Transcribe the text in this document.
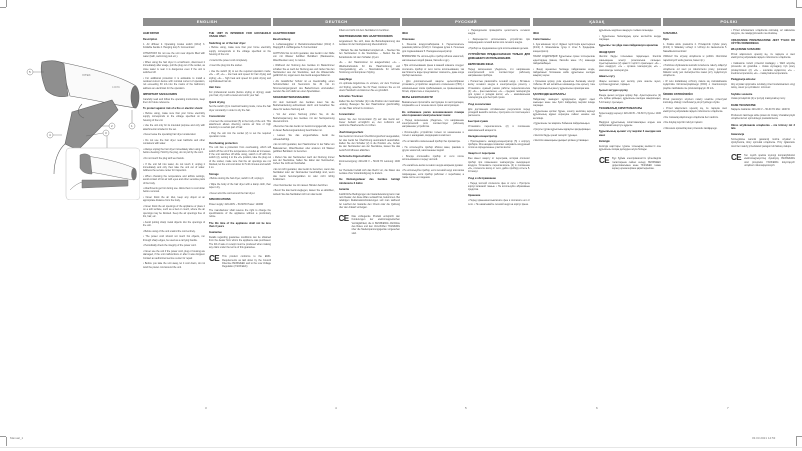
VITEK
1400W
5
1
2
3
4
ENGLISH
HAIR DRYER
Description

1. Air diffuser 2. Operating modes switch (0/1/2) 3. Foldable handle 4. Hanging loop 5. Concentrator

ATTENTION! Do not use the unit near objects filled with water (bath, swimming pool etc.).

• When using the hair dryer in a bathroom, disconnect it immediately after usage, pull the plug out of the socket, as close water is near it is dangerous even if the unit is switched off.

• For additional protection it is advisable to install a residual current device with nominal current of operation, not exceeding 30 mA into the mains of the bathroom; address an electrician for the operation.

IMPORTANT SAFEGUARDS

Carefully read and follow the operating instructions, keep them for future reference.

To protect against risk of a fire or electric shock:

• Before using, make sure that your home electricity supply corresponds to the voltage specified on the housing of the unit.

• Use the unit only for its intended purpose and only with attachments included in the set.

• Never leave the operating hair dryer unattended.

• Do not use the hair dryer near bathtubs and other containers with water.

• Always unplug the hair dryer immediately after using it or before cleaning. Hold by the plug, do not pull by the cord.

• Do not touch the plug with wet hands.

• If the unit fell into water, do not touch it; unplug it immediately and only then take the unit out of water. Address the service center for inspection.

• When choosing the temperature and airflow settings, avoid contact of hot air with eyes and other sensitive parts of the body.

• Attachments get hot during use. Allow them to cool down before removal.

• Never block the air inlet, keep any object at an appropriate distance from the body.

• Never block the air openings of the appliance or place it on a soft surface, such as a bed or couch, where the air openings may be blocked. Keep the air openings free of lint, hair, etc.

• Avoid putting sharp metal objects into the openings of the unit.

• Before using of the unit unwind the cord entirely.

• The power cord should not touch hot objects, run through sharp edges, be used as a carrying handle.

• Periodically check the integrity of the power cord.

• Never use the unit if the power cord, plug or housing are damaged, if the unit malfunctions or after it was dropped. Contact an authorized service center for repair.

• Before you take the unit away, let it cool down, do not wind the power cord around the unit.

THE UNIT IS INTENDED FOR HOUSEHOLD USAGE ONLY.
Switching on of the hair dryer

• Before using, make sure that your home electricity supply corresponds to the voltage specified on the housing of the unit.

• Unwind the power cord completely.

• Insert the plug into the socket.

• Use the switch (2) to set the required operation mode: «0» – off; «1» – low heat and speed for hair drying and styling; «2» – high heat and speed for quick drying and sophisticated hair do.

Hair Care

For professional results (before styling or drying), wash your hair, dry it with a towel and comb your hair.

Quick drying

Set the switch (2) to maximal heating mode, move the hair dryer constantly in order to dry the hair.

Concentrator

• Connect the concentrator (5) to the body of the unit. This attachment allows directing narrow air flow of high intensity to a certain part of hair.

• Plug the unit into the socket (2) to set the required operation mode.

Overheating protection

The unit has a protection from overheating, which will switch off the unit if the temperature of outlet air increases. If the unit switches off while using, switch it off with the switch (2), setting it to the «0» position, take the plug out of the socket, make sure that the air openings are not blocked, let the unit cool down for 5-10 minutes and switch it on.

Storage

• Before storing the hair dryer, switch it off, unplug it.

• Wipe the body of the hair dryer with a damp cloth, then wipe it dry.

• Never wind the cord around the hair dryer.

SPECIFICATIONS

Power supply: 220-240V ~ 50-60Hz Power: 1400W

The manufacturer shall reserve the right to change the specifications of the appliance without a preliminary notice.

The life time of the appliance shall not be less than 3 years
Guarantee

Details regarding guarantee conditions can be obtained from the dealer from whom the appliance was purchased. The bill of sale or receipt must be produced when making any claim under the terms of this guarantee.

CE This product conforms to the EMC-Requirements as laid down by the Council Directive 89/336/EEC and to the Low Voltage Regulation (73/23 EEC)
DEUTSCH
HAARTROCKNER
Beschreibung

1. Luftansauggitter 2. Betriebsmodusschalter (0/1/2) 3. Klappgriff 4. Aufhängeöse 5. Konzentrator

ACHTUNG! Es ist nicht gestattet, das Gerät in der Nähe von mit Wasser befüllten Behältern (Badewanne, Waschbecken usw.) zu nutzen.

• Während der Nutzung des Gerätes im Badezimmer schalten Sie es nach der Nutzung aus und ziehen Sie den Netzstecker aus der Steckdose, weil die Wassernähe gefährlich ist, sogar wenn das Gerät ausgeschaltet ist.

• Als zusätzlicher Schutz ist es zweckmäßig, einen Schutzschalter mit Nennstrom bis 30 mA im Stromversorgungsnetz des Badezimmers einzustellen; wenden Sie sich dafür an einen Spezialisten.

SICHERHEITSMASSNAHMEN

Vor dem Gebrauch des Gerätes lesen Sie die Betriebsanleitung aufmerksam durch und bewahren Sie diese für weitere Nutzung auf.

• Vor der ersten Nutzung prüfen Sie, ob die Betriebsspannung des Gerätes mit der Netzspannung übereinstimmt.

• Benutzen Sie das Gerät nur bestimmungsgemäß, wie es in dieser Bedienungsanleitung beschrieben ist.

• Lassen Sie das eingeschaltete Gerät nie unbeaufsichtigt.

• Es ist nicht gestattet, den Haartrockner in der Nähe von Badewannen, Waschbecken oder anderen mit Wasser gefüllten Behältern zu benutzen.

• Ziehen Sie den Netzstecker nach der Nutzung immer aus der Steckdose, halten Sie dabei den Netzstecker, ziehen Sie nicht am Netzkabel.

• Es ist nicht gestattet, das Gerät zu benutzen, wenn das Netzkabel oder der Netzstecker beschädigt sind, wenn das Gerät heruntergefallen ist oder nicht richtig funktioniert.

• Den Netzstecker nie mit nassen Händen berühren.

• Bevor Sie das Gerät weglegen, lassen Sie es abkühlen, wickeln Sie das Netzkabel nicht um das Gerät.

Arbeit und nicht mit dem Netzkabel zu berühren.

INBETRIEBNAHME DES HAARTROCKNERS

Vergewissern Sie sich, dass die Betriebsspannung des Gerätes mit der Netzspannung übereinstimmt.

– Wickeln Sie das Netzkabel komplett ab. – Stecken Sie den Netzstecker in die Steckdose. – Stellen Sie die Betriebsstufe mit dem Schalter (2) ein:

«0» – der Haartrockner ist ausgeschaltet; «1» – Mittelbetriebsstufe für die Haartrocknung und Frisurgestaltung; «2» – Maximalstufe für schnelle Trocknung und komplexen Styling.

Haarpflege

Um optimale Ergebnisse zu erzielen, vor dem Trocknen und Styling, waschen Sie Ihr Haar, trocknen Sie es mit einem Handtuch und kämmen Sie es gründlich.

Schnelles Trocknen

Stellen Sie den Schalter (2) in die Position der maximalen Leistung. Bewegen Sie den Haartrockner gleichmäßig, um das Haar schnell zu trocknen.

Konzentrator

Setzen Sie den Konzentrator (5) auf das Gerät auf. Dieser Aufsatz ermöglicht es, den Luftstrom auf bestimmte Haarbereiche zu richten.

Überhitzungsschutz

Das Gerät ist mit einem Überhitzungsschutz ausgestattet, der das Gerät bei Überhitzung automatisch ausschaltet. Stellen Sie den Schalter (2) in die Position «0», ziehen Sie den Netzstecker aus der Steckdose, lassen Sie das Gerät 5-10 Minuten abkühlen.

Technische Eigenschaften

Stromversorgung: 220-240 V ~ 50-60 Hz Leistung: 1400 W

Der Hersteller behält sich das Recht vor, die Daten des Gerätes ohne Vorankündigung zu ändern.

Die Nutzungsdauer des Gerätes beträgt mindestens 3 Jahre
Garantie

Ausführliche Bedingungen der Garantieleistung kann man beim Dealer, der diese Ware verkauft hat, bekommen. Bei beliebigen Reklamationsforderungen soll man während der Laufzeit der Garantie den Check oder die Quittung über den Ankauf vorzeigen.

CE Das vorliegende Produkt entspricht den Forderungen der elektromagnetischen Verträglichkeit, die in 89/336/EWG -Richtlinie des Rates und den Vorschriften 73/23/EWG über die Niederspannungsgeräte vorgesehen sind.
РУССКИЙ
ФЕН
Описание

1. Решетка воздухозаборника 2. Переключатель режимов работы (0/1/2) 3. Складная ручка 4. Петелька для подвешивания 5. Насадка-концентратор

ВНИМАНИЕ! Не используйте прибор вблизи емкостей, наполненных водой (ванна, бассейн и др.).

• При использовании фена в ванной комнате следует отключить прибор от сети после использования, так как близость воды представляет опасность, даже когда прибор выключен.

• Для дополнительной защиты целесообразно установить устройство защитного отключения (УЗО) с номинальным током срабатывания, не превышающим 30 мА; обратитесь к специалисту.

МЕРЫ БЕЗОПАСНОСТИ

Внимательно прочитайте инструкцию по эксплуатации, сохраняйте ее в течение всего срока эксплуатации.

Во избежание риска возникновения пожара или поражения электрическим током:

• Перед включением убедитесь, что напряжение электрической сети соответствует рабочему напряжению устройства.

• Используйте устройство только по назначению и только с насадками, входящими в комплект.

• Не оставляйте включенный прибор без присмотра.

• Не используйте прибор вблизи ванн, раковин и других емкостей, наполненных водой.

• Всегда отключайте прибор от сети после использования и перед чисткой.

• Не касайтесь вилки сетевого шнура мокрыми руками.

• Не используйте прибор, если сетевой шнур или вилка повреждены, если прибор работает с перебоями, а также после его падения.

• Периодически проверяйте целостность сетевого шнура.

• Запрещается использовать устройство при повреждении сетевой вилки или сетевого шнура.

• Прибор не предназначен для использования детьми.

УСТРОЙСТВО ПРЕДНАЗНАЧЕНО ТОЛЬКО ДЛЯ ДОМАШНЕГО ИСПОЛЬЗОВАНИЯ.
ВКЛЮЧЕНИЕ ФЕНА

Перед включением убедитесь, что напряжение электрической сети соответствует рабочему напряжению прибора.

• Полностью размотайте сетевой шнур. • Вставьте вилку сетевого шнура в электрическую розетку. • Установите нужный режим работы переключателем (2): «0» – фен выключен; «1» – средняя температура для сушки и укладки волос; «2» – максимальная температура для быстрой сушки.

Уход за волосами

Для достижения оптимальных результатов перед укладкой вымойте волосы, просушите их полотенцем и расчешите.

Быстрая сушка

Установите переключатель (2) в положение максимальной мощности.

Насадка-концентратор

• Присоедините насадку-концентратор (5) к корпусу прибора. Эта насадка позволяет направить воздушный поток на определенные участки волос.

Защита от перегрева

Фен имеет защиту от перегрева, которая отключит прибор при повышении температуры выходящего воздуха. Установите переключатель (2) в положение «0», отключите вилку от сети, дайте прибору остыть 5-10 минут.

Уход и обслуживание

• Перед чисткой отключите фен от сети. • Протрите корпус влажной тканью. • Не используйте абразивные средства.

Хранение

• Перед хранением выключите фен и отключите его от сети. • Не наматывайте сетевой шнур на корпус фена.

ҚАЗАҚ
ФЕН
Сипаттамасы

1. Ауа жинағыш тор 2. Жұмыс тәртіптерін ауыстырғыш (0/1/2) 3. Жиналмалы тұтқа 4. Ілгек 5. Қондырма-концентратор

НАЗАР АУДАРЫҢЫЗ! Құрылғыны сумен толтырылған ыдыстардың (ванна, бассейн және т.б.) жанында пайдаланбаңыз.

• Фенді жуынатын бөлмеде пайдаланған кезде, пайдаланып болғаннан кейін құрылғыны желіден ажырату керек.

• Қосымша қорғау үшін жуынатын бөлменің электр тізбегіне 30 мА аспайтын номиналды іске қосылу тоғы бар қорғаныштық ағыту құрылғысын орнатқан жөн.

ҚАУІПСІЗДІК ШАРАЛАРЫ

Пайдалану жөніндегі нұсқаулықты мұқият оқып шығыңыз және оны бүкіл пайдалану мерзімі ішінде сақтаңыз.

• Құрылғыны қоспас бұрын, электр желісінің кернеуі құрылғының жұмыс кернеуіне сәйкес екеніне көз жеткізіңіз.

• Құрылғыны тек мақсаты бойынша пайдаланыңыз.

• Қосулы тұрған құрылғыны қараусыз қалдырмаңыз.

• Желілік бауды үнемі тексеріп тұрыңыз.

• Желілік шанышқыны дымқыл қолмен ұстамаңыз.

құрылғыны өздігінен жөндеуге тыйым салынады.

• Құрылғыны балалардың қолы жетпейтін жерде сақтаңыз.

Құрылғы тек үйде ғана пайдалануға арналған
ФЕНДІ ҚОСУ

Желілік бауды толығымен тарқатыңыз. Желілік шанышқыны электр розеткасына салыңыз. Ауыстырғышпен (2) қажетті тәртіпті орнатыңыз: «0» – фен сөндірулі; «1» – орташа температура; «2» – максималды температура.

Шашты күту

Жақсы нәтижеге қол жеткізу үшін шашты жуып, сүлгімен құрғатып, тараңыз.

Қызып кетуден қорғау

Фенде қызып кетуден қорғау бар. Ауыстырғышты (2) «0» күйіне қойыңыз, құрылғыны желіден ажыратыңыз, 5-10 минут суытыңыз.

ТЕХНИКАЛЫҚ СИПАТТАМАЛАРЫ

Қоректендіру кернеуі: 220-240 В ~ 50-60 Гц Қуаты: 1400 Вт

Өндіруші құрылғының сипаттамаларын алдын ала хабарламай өзгертуге құқылы.

Құрылғының қызмет ету мерзімі 3 жылдан кем емес
Кепілдік

Кепілдік шарттары туралы толығырақ мәліметті осы құрылғыны сатқан дилерден алуға болады.

CE Бұл бұйым электромагниттік үйлесімділік талаптарына сәйкес келеді, 89/336/EEC директивасымен және 73/23/EEC төмен кернеу ережелерімен қарастырылған.
POLSKI
SUSZARKA
Opis

1. Kratka wlotu powietrza 2. Przełącznik trybów pracy (0/1/2) 3. Składany uchwyt 4. Uchwyt do zawieszenia 5. Nasadka-koncentrator

UWAGA! Nie używaj urządzenia w pobliżu zbiorników napełnionych wodą (wanna, basen itp.).

• Podczas użytkowania suszarki w łazience należy odłączyć urządzenie od sieci po zakończeniu pracy, ponieważ bliskość wody jest niebezpieczna nawet przy wyłączonym urządzeniu.

• W celu dodatkowej ochrony zaleca się zainstalowanie wyłącznika różnicowoprądowego (RCD) o znamionowym prądzie zadziałania nie przekraczającym 30 mA.

ŚRODKI OSTROŻNOŚCI

Przed pierwszym użyciem należy uważnie przeczytać instrukcję obsługi i zachować ją do przyszłego użytku.

• Przed włączeniem upewnij się, że napięcie sieci elektrycznej odpowiada napięciu roboczemu urządzenia.

• Nie zostawiaj włączonego urządzenia bez nadzoru.

• Nie dotykaj wtyczki mokrymi rękami.

• Okresowo sprawdzaj stan przewodu zasilającego.

• Przed schowaniem urządzenia odczekaj, aż całkowicie ostygnie, nie nawijaj przewodu na obudowę.

URZĄDZENIE PRZEZNACZONE JEST TYLKO DO UŻYTKU DOMOWEGO.
WŁĄCZENIE SUSZARKI

Przed włączeniem upewnij się, że napięcie w sieci elektrycznej odpowiada napięciu roboczemu urządzenia.

• Całkowicie rozwiń przewód zasilający. • Włóż wtyczkę przewodu do gniazdka. • Ustaw wymagany tryb pracy przełącznikiem (2): «0» – suszarka wyłączona; «1» – średnia temperatura; «2» – maksymalna temperatura.

Pielęgnacja włosów

Aby uzyskać optymalne rezultaty przed modelowaniem umyj włosy, osusz je ręcznikiem i rozczesz.

Szybkie suszenie

Ustaw przełącznik (2) w pozycji maksymalnej mocy.

DANE TECHNICZNE

Napięcie zasilania: 220-240 V ~ 50-60 Hz Moc: 1400 W

Producent zastrzega sobie prawo do zmiany charakterystyki urządzenia bez uprzedniego powiadomienia.

Okres użytkowania urządzenia – nie krótszy niż 3 lata
Gwarancja

Szczegółowe warunki gwarancji można uzyskać u dystrybutora, który sprzedał urządzenie. Przy zgłaszaniu roszczeń należy przedstawić paragon lub fakturę zakupu.

CE Ten wyrób spełnia wymogi kompatybilności elektromagnetycznej dyrektywy 89/336/EWG oraz przepisów 73/23/EWG dotyczących urządzeń niskonapięciowych.
3	4	5	6	7
Manual_1	03.03.2021 14:53
